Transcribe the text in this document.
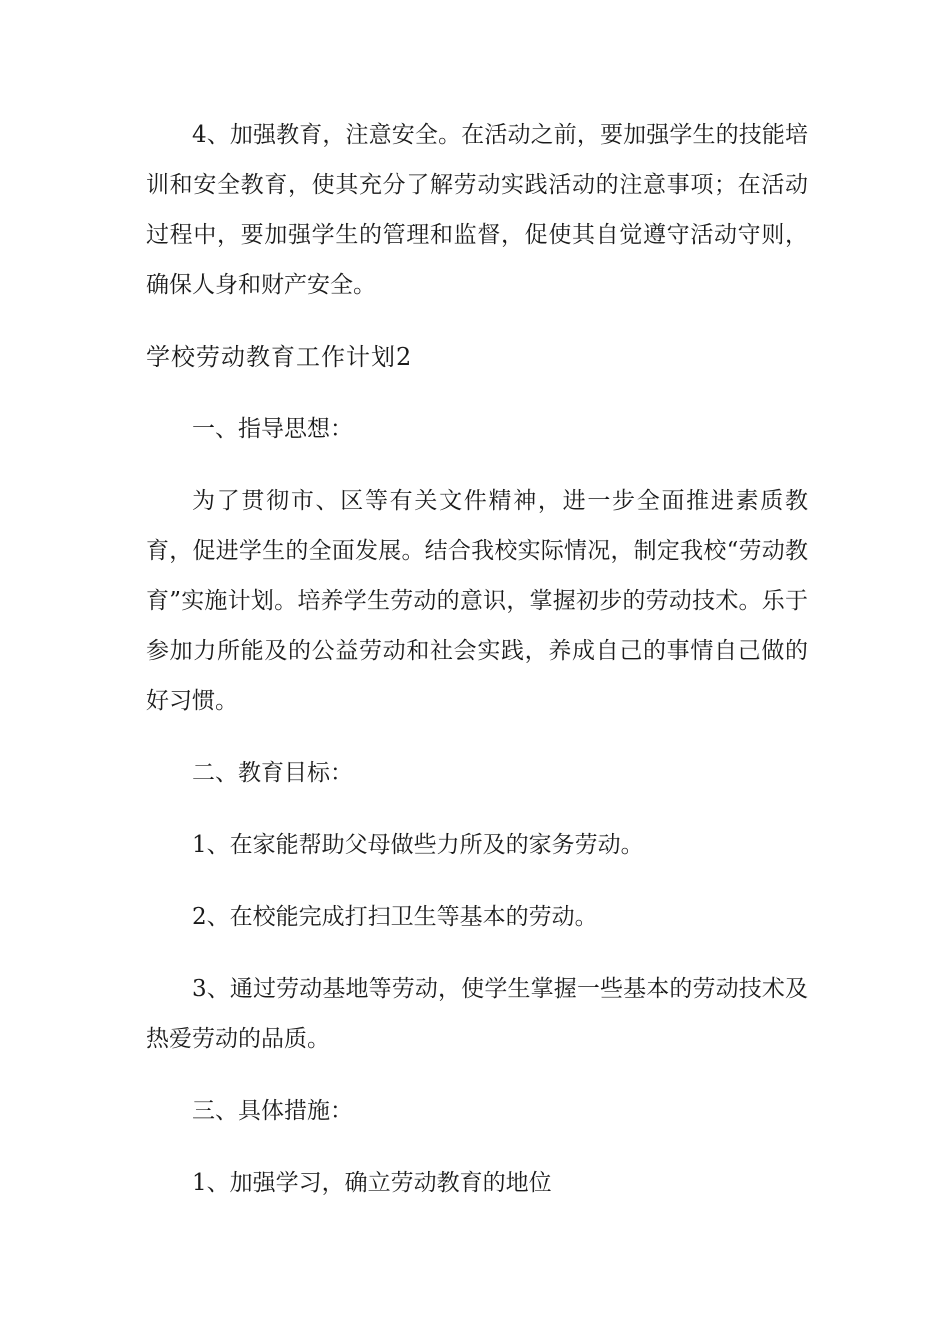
4、加强教育，注意安全。在活动之前，要加强学生的技能培训和安全教育，使其充分了解劳动实践活动的注意事项；在活动过程中，要加强学生的管理和监督，促使其自觉遵守活动守则，确保人身和财产安全。

学校劳动教育工作计划2

一、指导思想：

为了贯彻市、区等有关文件精神，进一步全面推进素质教育，促进学生的全面发展。结合我校实际情况，制定我校“劳动教育”实施计划。培养学生劳动的意识，掌握初步的劳动技术。乐于参加力所能及的公益劳动和社会实践，养成自己的事情自己做的好习惯。

二、教育目标：

1、在家能帮助父母做些力所及的家务劳动。

2、在校能完成打扫卫生等基本的劳动。

3、通过劳动基地等劳动，使学生掌握一些基本的劳动技术及热爱劳动的品质。

三、具体措施：

1、加强学习，确立劳动教育的地位
